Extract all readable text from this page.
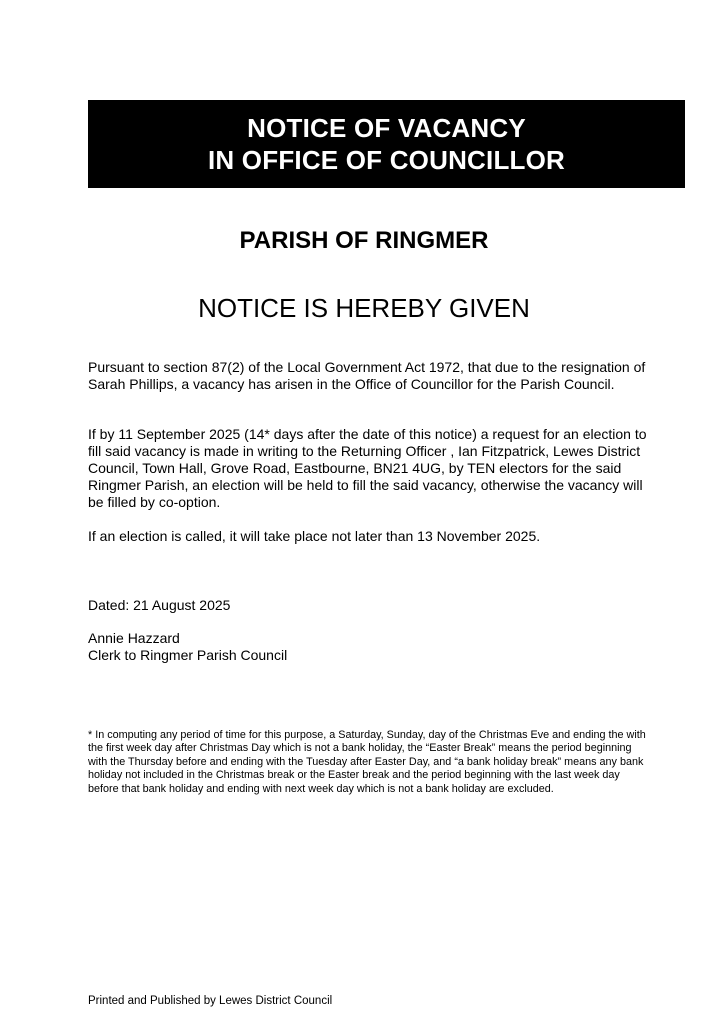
NOTICE OF VACANCY
IN OFFICE OF COUNCILLOR
PARISH OF RINGMER
NOTICE IS HEREBY GIVEN

Pursuant to section 87(2) of the Local Government Act 1972, that due to the resignation of Sarah Phillips, a vacancy has arisen in the Office of Councillor for the Parish Council.

If by 11 September 2025 (14* days after the date of this notice) a request for an election to fill said vacancy is made in writing to the Returning Officer , Ian Fitzpatrick, Lewes District Council, Town Hall, Grove Road, Eastbourne, BN21 4UG, by TEN electors for the said Ringmer Parish, an election will be held to fill the said vacancy, otherwise the vacancy will be filled by co-option.

If an election is called, it will take place not later than 13 November 2025.

Dated: 21 August 2025

Annie Hazzard
Clerk to Ringmer Parish Council

* In computing any period of time for this purpose, a Saturday, Sunday, day of the Christmas Eve and ending the with the first week day after Christmas Day which is not a bank holiday, the “Easter Break” means the period beginning with the Thursday before and ending with the Tuesday after Easter Day, and “a bank holiday break” means any bank holiday not included in the Christmas break or the Easter break and the period beginning with the last week day before that bank holiday and ending with next week day which is not a bank holiday are excluded.

Printed and Published by Lewes District Council
